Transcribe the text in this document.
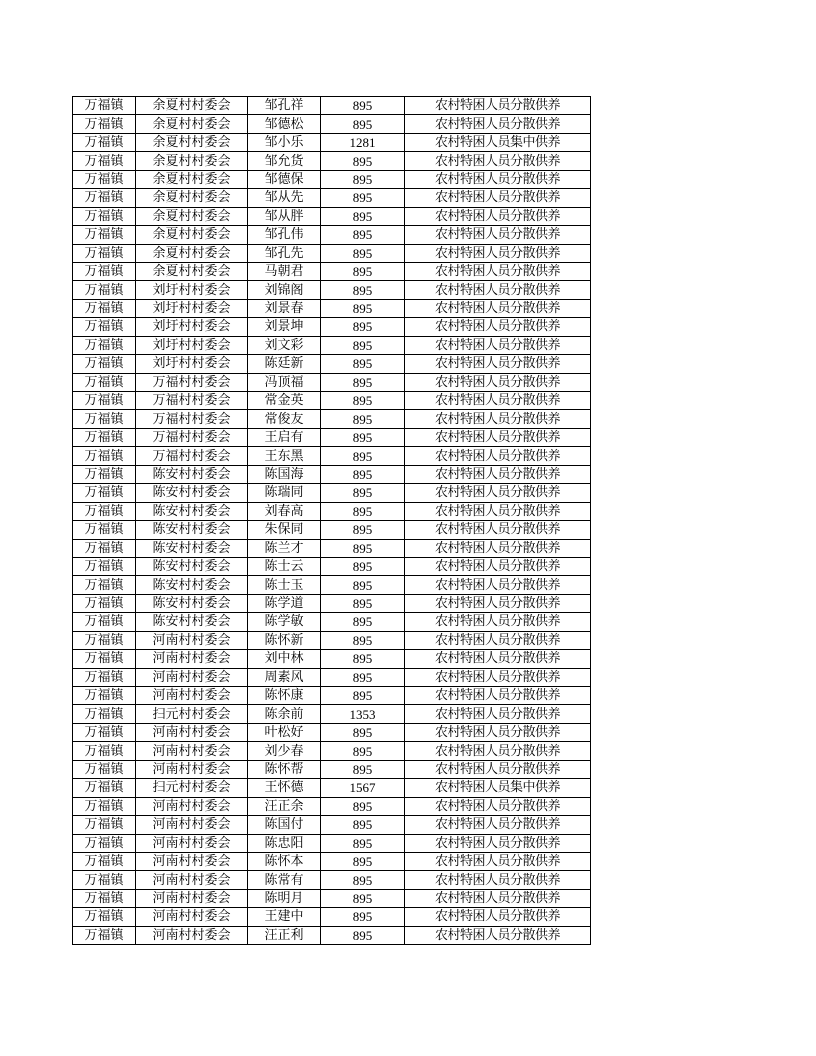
万福镇	余夏村村委会	邹孔祥	895	农村特困人员分散供养
万福镇	余夏村村委会	邹德松	895	农村特困人员分散供养
万福镇	余夏村村委会	邹小乐	1281	农村特困人员集中供养
万福镇	余夏村村委会	邹允货	895	农村特困人员分散供养
万福镇	余夏村村委会	邹德保	895	农村特困人员分散供养
万福镇	余夏村村委会	邹从先	895	农村特困人员分散供养
万福镇	余夏村村委会	邹从胖	895	农村特困人员分散供养
万福镇	余夏村村委会	邹孔伟	895	农村特困人员分散供养
万福镇	余夏村村委会	邹孔先	895	农村特困人员分散供养
万福镇	余夏村村委会	马朝君	895	农村特困人员分散供养
万福镇	刘圩村村委会	刘锦阁	895	农村特困人员分散供养
万福镇	刘圩村村委会	刘景春	895	农村特困人员分散供养
万福镇	刘圩村村委会	刘景坤	895	农村特困人员分散供养
万福镇	刘圩村村委会	刘文彩	895	农村特困人员分散供养
万福镇	刘圩村村委会	陈廷新	895	农村特困人员分散供养
万福镇	万福村村委会	冯顶福	895	农村特困人员分散供养
万福镇	万福村村委会	常金英	895	农村特困人员分散供养
万福镇	万福村村委会	常俊友	895	农村特困人员分散供养
万福镇	万福村村委会	王启有	895	农村特困人员分散供养
万福镇	万福村村委会	王东黑	895	农村特困人员分散供养
万福镇	陈安村村委会	陈国海	895	农村特困人员分散供养
万福镇	陈安村村委会	陈瑞同	895	农村特困人员分散供养
万福镇	陈安村村委会	刘春高	895	农村特困人员分散供养
万福镇	陈安村村委会	朱保同	895	农村特困人员分散供养
万福镇	陈安村村委会	陈兰才	895	农村特困人员分散供养
万福镇	陈安村村委会	陈士云	895	农村特困人员分散供养
万福镇	陈安村村委会	陈士玉	895	农村特困人员分散供养
万福镇	陈安村村委会	陈学道	895	农村特困人员分散供养
万福镇	陈安村村委会	陈学敏	895	农村特困人员分散供养
万福镇	河南村村委会	陈怀新	895	农村特困人员分散供养
万福镇	河南村村委会	刘中林	895	农村特困人员分散供养
万福镇	河南村村委会	周素风	895	农村特困人员分散供养
万福镇	河南村村委会	陈怀康	895	农村特困人员分散供养
万福镇	扫元村村委会	陈余前	1353	农村特困人员分散供养
万福镇	河南村村委会	叶松好	895	农村特困人员分散供养
万福镇	河南村村委会	刘少春	895	农村特困人员分散供养
万福镇	河南村村委会	陈怀帮	895	农村特困人员分散供养
万福镇	扫元村村委会	王怀德	1567	农村特困人员集中供养
万福镇	河南村村委会	汪正余	895	农村特困人员分散供养
万福镇	河南村村委会	陈国付	895	农村特困人员分散供养
万福镇	河南村村委会	陈忠阳	895	农村特困人员分散供养
万福镇	河南村村委会	陈怀本	895	农村特困人员分散供养
万福镇	河南村村委会	陈常有	895	农村特困人员分散供养
万福镇	河南村村委会	陈明月	895	农村特困人员分散供养
万福镇	河南村村委会	王建中	895	农村特困人员分散供养
万福镇	河南村村委会	汪正利	895	农村特困人员分散供养
